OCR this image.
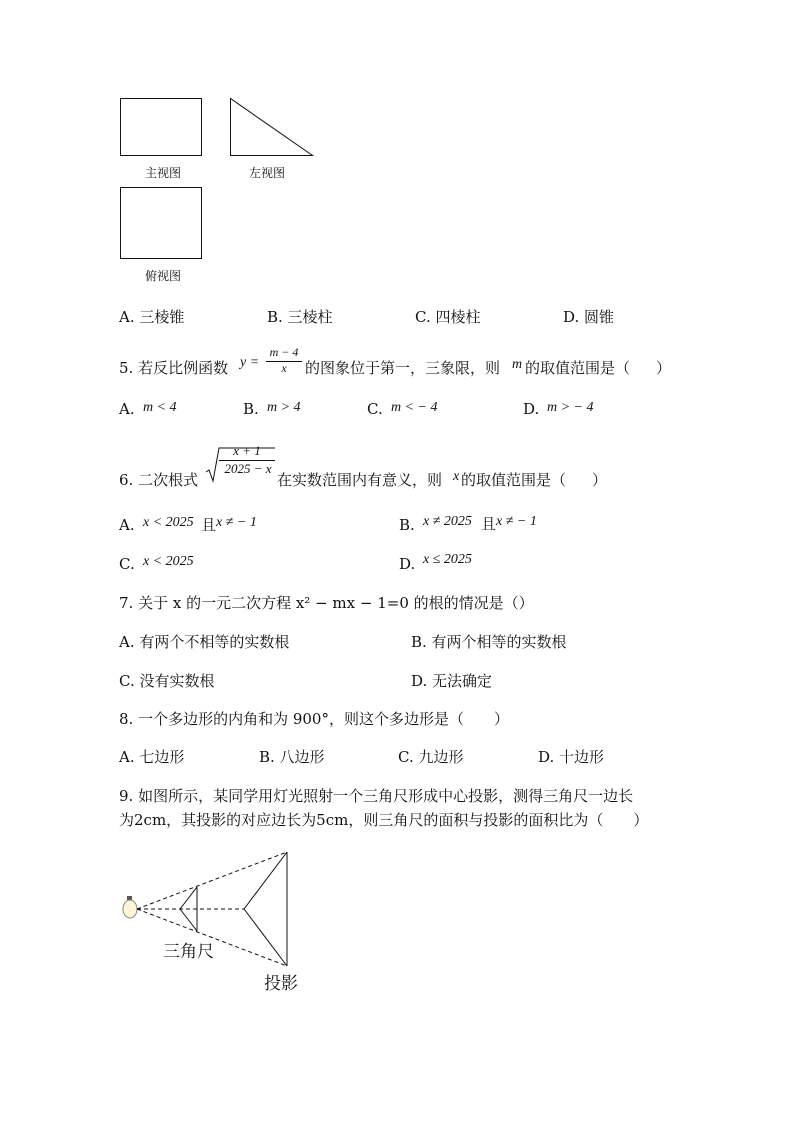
主视图	左视图
俯视图
A. 三棱锥	B. 三棱柱	C. 四棱柱	D. 圆锥
5. 若反比例函数 y =
m − 4
x	的图象位于第一，三象限，则 m 的取值范围是（ ）
A. m < 4	B. m > 4	C. m < − 4	D. m > − 4
6. 二次根式
x + 1
2025 − x
在实数范围内有意义，则 x 的取值范围是（ ）
A. x < 2025 且 x ≠ − 1	B. x ≠ 2025 且 x ≠ − 1
C. x < 2025	D. x ≤ 2025
7. 关于 x 的一元二次方程 x² − mx − 1=0 的根的情况是（）
A. 有两个不相等的实数根	B. 有两个相等的实数根
C. 没有实数根	D. 无法确定
8. 一个多边形的内角和为 900°，则这个多边形是（　　）
A. 七边形	B. 八边形	C. 九边形	D. 十边形
9. 如图所示，某同学用灯光照射一个三角尺形成中心投影，测得三角尺一边长
为2cm，其投影的对应边长为5cm，则三角尺的面积与投影的面积比为（　　）
三角尺
投影
